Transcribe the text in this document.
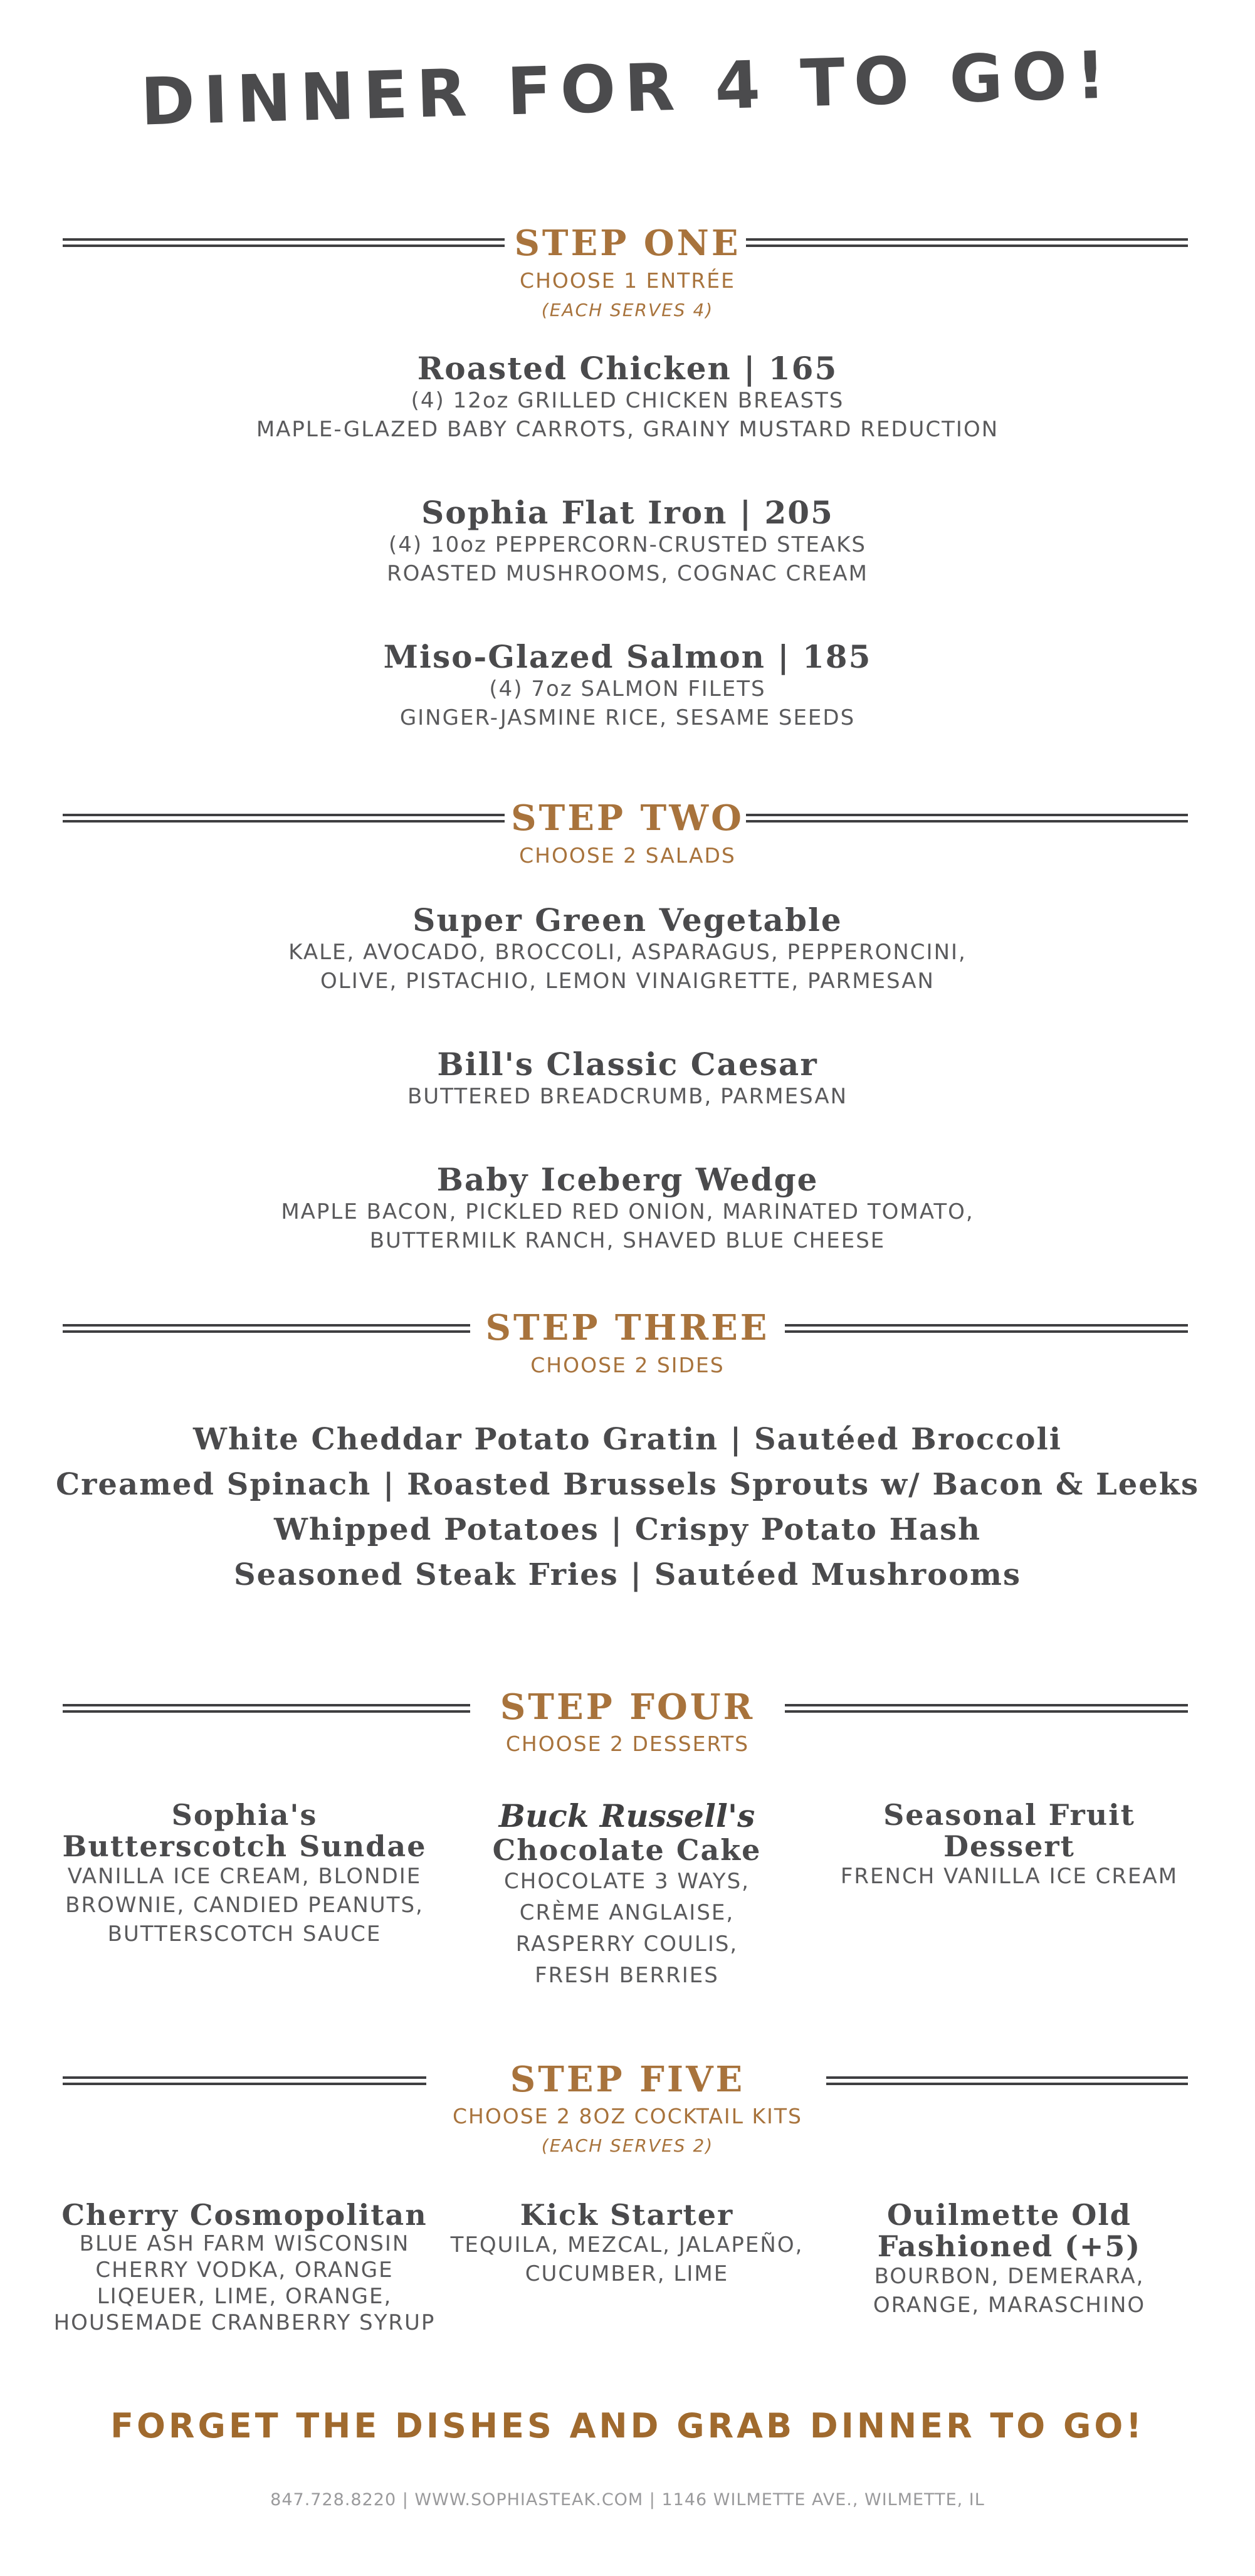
DINNER FOR 4 TO GO!
STEP ONE
CHOOSE 1 ENTRÉE
(EACH SERVES 4)
Roasted Chicken | 165
(4) 12oz GRILLED CHICKEN BREASTS
MAPLE-GLAZED BABY CARROTS, GRAINY MUSTARD REDUCTION
Sophia Flat Iron | 205
(4) 10oz PEPPERCORN-CRUSTED STEAKS
ROASTED MUSHROOMS, COGNAC CREAM
Miso-Glazed Salmon | 185
(4) 7oz SALMON FILETS
GINGER-JASMINE RICE, SESAME SEEDS
STEP TWO
CHOOSE 2 SALADS
Super Green Vegetable
KALE, AVOCADO, BROCCOLI, ASPARAGUS, PEPPERONCINI,
OLIVE, PISTACHIO, LEMON VINAIGRETTE, PARMESAN
Bill's Classic Caesar
BUTTERED BREADCRUMB, PARMESAN
Baby Iceberg Wedge
MAPLE BACON, PICKLED RED ONION, MARINATED TOMATO,
BUTTERMILK RANCH, SHAVED BLUE CHEESE
STEP THREE
CHOOSE 2 SIDES
White Cheddar Potato Gratin | Sautéed Broccoli
Creamed Spinach | Roasted Brussels Sprouts w/ Bacon & Leeks
Whipped Potatoes | Crispy Potato Hash
Seasoned Steak Fries | Sautéed Mushrooms
STEP FOUR
CHOOSE 2 DESSERTS
Sophia's
Butterscotch Sundae
VANILLA ICE CREAM, BLONDIE
BROWNIE, CANDIED PEANUTS,
BUTTERSCOTCH SAUCE
Buck Russell's
Chocolate Cake
CHOCOLATE 3 WAYS,
CRÈME ANGLAISE,
RASPERRY COULIS,
FRESH BERRIES
Seasonal Fruit
Dessert
FRENCH VANILLA ICE CREAM
STEP FIVE
CHOOSE 2 8OZ COCKTAIL KITS
(EACH SERVES 2)
Cherry Cosmopolitan
BLUE ASH FARM WISCONSIN
CHERRY VODKA, ORANGE
LIQEUER, LIME, ORANGE,
HOUSEMADE CRANBERRY SYRUP
Kick Starter
TEQUILA, MEZCAL, JALAPEÑO,
CUCUMBER, LIME
Ouilmette Old
Fashioned (+5)
BOURBON, DEMERARA,
ORANGE, MARASCHINO
FORGET THE DISHES AND GRAB DINNER TO GO!
847.728.8220 | WWW.SOPHIASTEAK.COM | 1146 WILMETTE AVE., WILMETTE, IL
